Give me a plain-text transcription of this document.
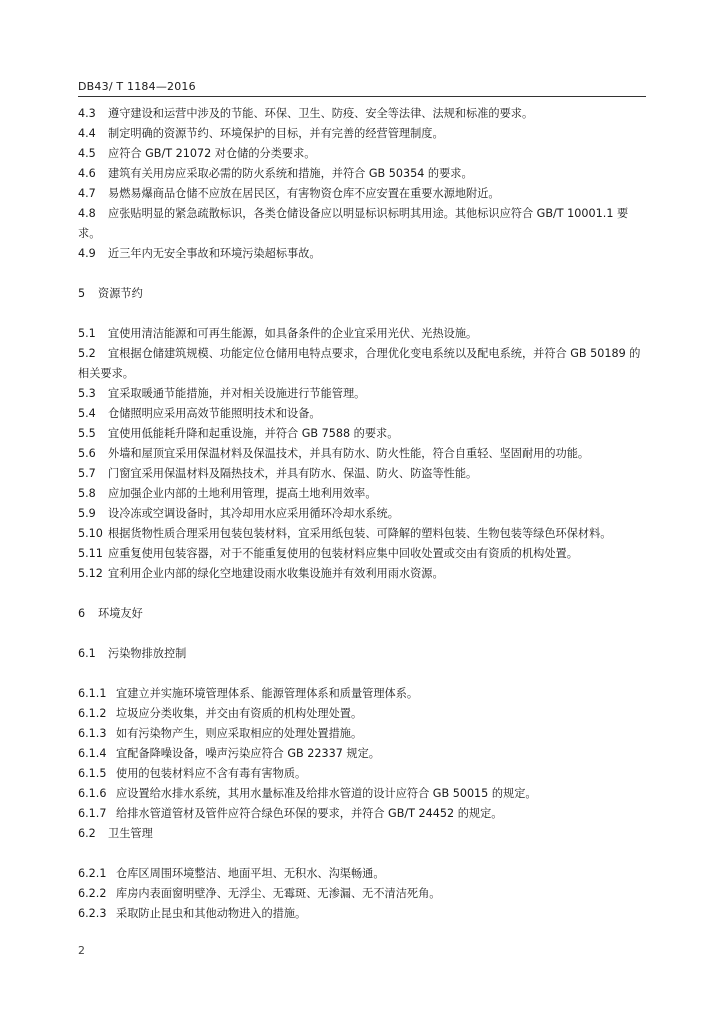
DB43/ T 1184—2016

4.3 遵守建设和运营中涉及的节能、环保、卫生、防疫、安全等法律、法规和标准的要求。

4.4 制定明确的资源节约、环境保护的目标，并有完善的经营管理制度。

4.5 应符合 GB/T 21072 对仓储的分类要求。

4.6 建筑有关用房应采取必需的防火系统和措施，并符合 GB 50354 的要求。

4.7 易燃易爆商品仓储不应放在居民区，有害物资仓库不应安置在重要水源地附近。

4.8 应张贴明显的紧急疏散标识，各类仓储设备应以明显标识标明其用途。其他标识应符合 GB/T 10001.1 要求。

4.9 近三年内无安全事故和环境污染超标事故。

5 资源节约

5.1 宜使用清洁能源和可再生能源，如具备条件的企业宜采用光伏、光热设施。

5.2 宜根据仓储建筑规模、功能定位仓储用电特点要求，合理优化变电系统以及配电系统，并符合 GB 50189 的相关要求。

5.3 宜采取暖通节能措施，并对相关设施进行节能管理。

5.4 仓储照明应采用高效节能照明技术和设备。

5.5 宜使用低能耗升降和起重设施，并符合 GB 7588 的要求。

5.6 外墙和屋顶宜采用保温材料及保温技术，并具有防水、防火性能，符合自重轻、坚固耐用的功能。

5.7 门窗宜采用保温材料及隔热技术，并具有防水、保温、防火、防盗等性能。

5.8 应加强企业内部的土地利用管理，提高土地利用效率。

5.9 设冷冻或空调设备时，其冷却用水应采用循环冷却水系统。

5.10 根据货物性质合理采用包装包装材料，宜采用纸包装、可降解的塑料包装、生物包装等绿色环保材料。

5.11 应重复使用包装容器，对于不能重复使用的包装材料应集中回收处置或交由有资质的机构处置。

5.12 宜利用企业内部的绿化空地建设雨水收集设施并有效利用雨水资源。

6 环境友好

6.1 污染物排放控制

6.1.1 宜建立并实施环境管理体系、能源管理体系和质量管理体系。

6.1.2 垃圾应分类收集，并交由有资质的机构处理处置。

6.1.3 如有污染物产生，则应采取相应的处理处置措施。

6.1.4 宜配备降噪设备，噪声污染应符合 GB 22337 规定。

6.1.5 使用的包装材料应不含有毒有害物质。

6.1.6 应设置给水排水系统，其用水量标准及给排水管道的设计应符合 GB 50015 的规定。

6.1.7 给排水管道管材及管件应符合绿色环保的要求，并符合 GB/T 24452 的规定。

6.2 卫生管理

6.2.1 仓库区周围环境整洁、地面平坦、无积水、沟渠畅通。

6.2.2 库房内表面窗明壁净、无浮尘、无霉斑、无渗漏、无不清洁死角。

6.2.3 采取防止昆虫和其他动物进入的措施。

2
